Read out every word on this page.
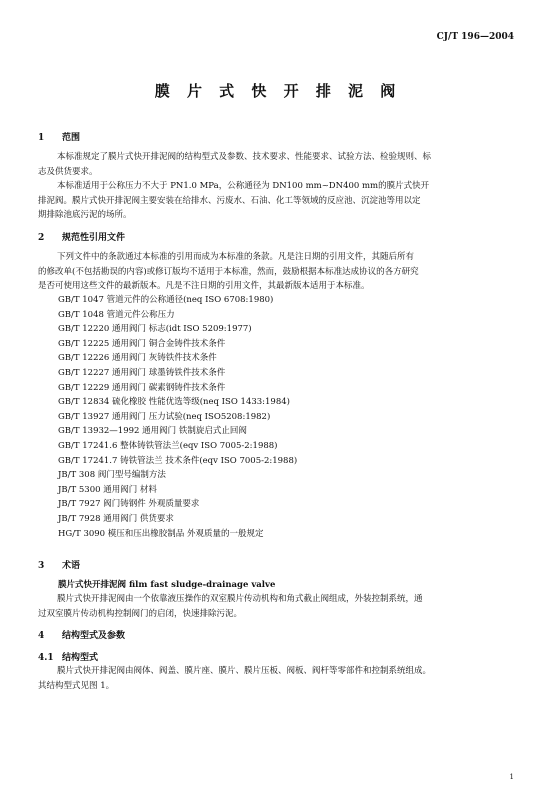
CJ/T 196—2004
膜 片 式 快 开 排 泥 阀
1 范围

本标准规定了膜片式快开排泥阀的结构型式及参数、技术要求、性能要求、试验方法、检验规则、标

志及供货要求。

本标准适用于公称压力不大于 PN1.0 MPa，公称通径为 DN100 mm~DN400 mm的膜片式快开

排泥阀。膜片式快开排泥阀主要安装在给排水、污废水、石油、化工等领域的反应池、沉淀池等用以定

期排除池底污泥的场所。

2 规范性引用文件

下列文件中的条款通过本标准的引用而成为本标准的条款。凡是注日期的引用文件，其随后所有

的修改单(不包括勘误的内容)或修订版均不适用于本标准，然而，鼓励根据本标准达成协议的各方研究

是否可使用这些文件的最新版本。凡是不注日期的引用文件，其最新版本适用于本标准。

GB/T 1047 管道元件的公称通径(neq ISO 6708:1980)
GB/T 1048 管道元件公称压力
GB/T 12220 通用阀门 标志(idt ISO 5209:1977)
GB/T 12225 通用阀门 铜合金铸件技术条件
GB/T 12226 通用阀门 灰铸铁件技术条件
GB/T 12227 通用阀门 球墨铸铁件技术条件
GB/T 12229 通用阀门 碳素钢铸件技术条件
GB/T 12834 硫化橡胶 性能优选等级(neq ISO 1433:1984)
GB/T 13927 通用阀门 压力试验(neq ISO5208:1982)
GB/T 13932—1992 通用阀门 铁制旋启式止回阀
GB/T 17241.6 整体铸铁管法兰(eqv ISO 7005-2:1988)
GB/T 17241.7 铸铁管法兰 技术条件(eqv ISO 7005-2:1988)
JB/T 308 阀门型号编制方法
JB/T 5300 通用阀门 材料
JB/T 7927 阀门铸钢件 外观质量要求
JB/T 7928 通用阀门 供货要求
HG/T 3090 模压和压出橡胶制品 外观质量的一般规定
3 术语
膜片式快开排泥阀 film fast sludge-drainage valve

膜片式快开排泥阀由一个依靠液压操作的双室膜片传动机构和角式截止阀组成，外装控制系统，通

过双室膜片传动机构控制阀门的启闭，快速排除污泥。

4 结构型式及参数
4.1 结构型式

膜片式快开排泥阀由阀体、阀盖、膜片座、膜片、膜片压板、阀板、阀杆等零部件和控制系统组成。

其结构型式见图 1。

1
